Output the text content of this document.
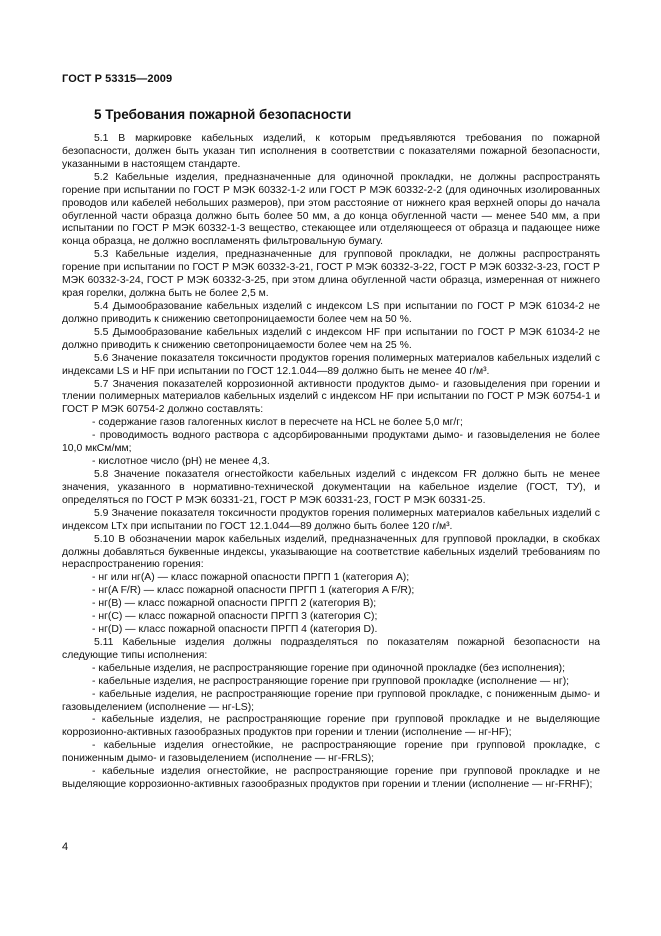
ГОСТ Р 53315—2009
5 Требования пожарной безопасности

5.1 В маркировке кабельных изделий, к которым предъявляются требования по пожарной безопасности, должен быть указан тип исполнения в соответствии с показателями пожарной безопасности, указанными в настоящем стандарте.

5.2 Кабельные изделия, предназначенные для одиночной прокладки, не должны распространять горение при испытании по ГОСТ Р МЭК 60332-1-2 или ГОСТ Р МЭК 60332-2-2 (для одиночных изолированных проводов или кабелей небольших размеров), при этом расстояние от нижнего края верхней опоры до начала обугленной части образца должно быть более 50 мм, а до конца обугленной части — менее 540 мм, а при испытании по ГОСТ Р МЭК 60332-1-3 вещество, стекающее или отделяющееся от образца и падающее ниже конца образца, не должно воспламенять фильтровальную бумагу.

5.3 Кабельные изделия, предназначенные для групповой прокладки, не должны распространять горение при испытании по ГОСТ Р МЭК 60332-3-21, ГОСТ Р МЭК 60332-3-22, ГОСТ Р МЭК 60332-3-23, ГОСТ Р МЭК 60332-3-24, ГОСТ Р МЭК 60332-3-25, при этом длина обугленной части образца, измеренная от нижнего края горелки, должна быть не более 2,5 м.

5.4 Дымообразование кабельных изделий с индексом LS при испытании по ГОСТ Р МЭК 61034-2 не должно приводить к снижению светопроницаемости более чем на 50 %.

5.5 Дымообразование кабельных изделий с индексом HF при испытании по ГОСТ Р МЭК 61034-2 не должно приводить к снижению светопроницаемости более чем на 25 %.

5.6 Значение показателя токсичности продуктов горения полимерных материалов кабельных изделий с индексами LS и HF при испытании по ГОСТ 12.1.044—89 должно быть не менее 40 г/м³.

5.7 Значения показателей коррозионной активности продуктов дымо- и газовыделения при горении и тлении полимерных материалов кабельных изделий с индексом HF при испытании по ГОСТ Р МЭК 60754-1 и ГОСТ Р МЭК 60754-2 должно составлять:

- содержание газов галогенных кислот в пересчете на HCL не более 5,0 мг/г;

- проводимость водного раствора с адсорбированными продуктами дымо- и газовыделения не более 10,0 мкСм/мм;

- кислотное число (pH) не менее 4,3.

5.8 Значение показателя огнестойкости кабельных изделий с индексом FR должно быть не менее значения, указанного в нормативно-технической документации на кабельное изделие (ГОСТ, ТУ), и определяться по ГОСТ Р МЭК 60331-21, ГОСТ Р МЭК 60331-23, ГОСТ Р МЭК 60331-25.

5.9 Значение показателя токсичности продуктов горения полимерных материалов кабельных изделий с индексом LTx при испытании по ГОСТ 12.1.044—89 должно быть более 120 г/м³.

5.10 В обозначении марок кабельных изделий, предназначенных для групповой прокладки, в скобках должны добавляться буквенные индексы, указывающие на соответствие кабельных изделий требованиям по нераспространению горения:

- нг или нг(A) — класс пожарной опасности ПРГП 1 (категория A);

- нг(A F/R) — класс пожарной опасности ПРГП 1 (категория A F/R);

- нг(B) — класс пожарной опасности ПРГП 2 (категория B);

- нг(C) — класс пожарной опасности ПРГП 3 (категория C);

- нг(D) — класс пожарной опасности ПРГП 4 (категория D).

5.11 Кабельные изделия должны подразделяться по показателям пожарной безопасности на следующие типы исполнения:

- кабельные изделия, не распространяющие горение при одиночной прокладке (без исполнения);

- кабельные изделия, не распространяющие горение при групповой прокладке (исполнение — нг);

- кабельные изделия, не распространяющие горение при групповой прокладке, с пониженным дымо- и газовыделением (исполнение — нг-LS);

- кабельные изделия, не распространяющие горение при групповой прокладке и не выделяющие коррозионно-активных газообразных продуктов при горении и тлении (исполнение — нг-HF);

- кабельные изделия огнестойкие, не распространяющие горение при групповой прокладке, с пониженным дымо- и газовыделением (исполнение — нг-FRLS);

- кабельные изделия огнестойкие, не распространяющие горение при групповой прокладке и не выделяющие коррозионно-активных газообразных продуктов при горении и тлении (исполнение — нг-FRHF);

4
